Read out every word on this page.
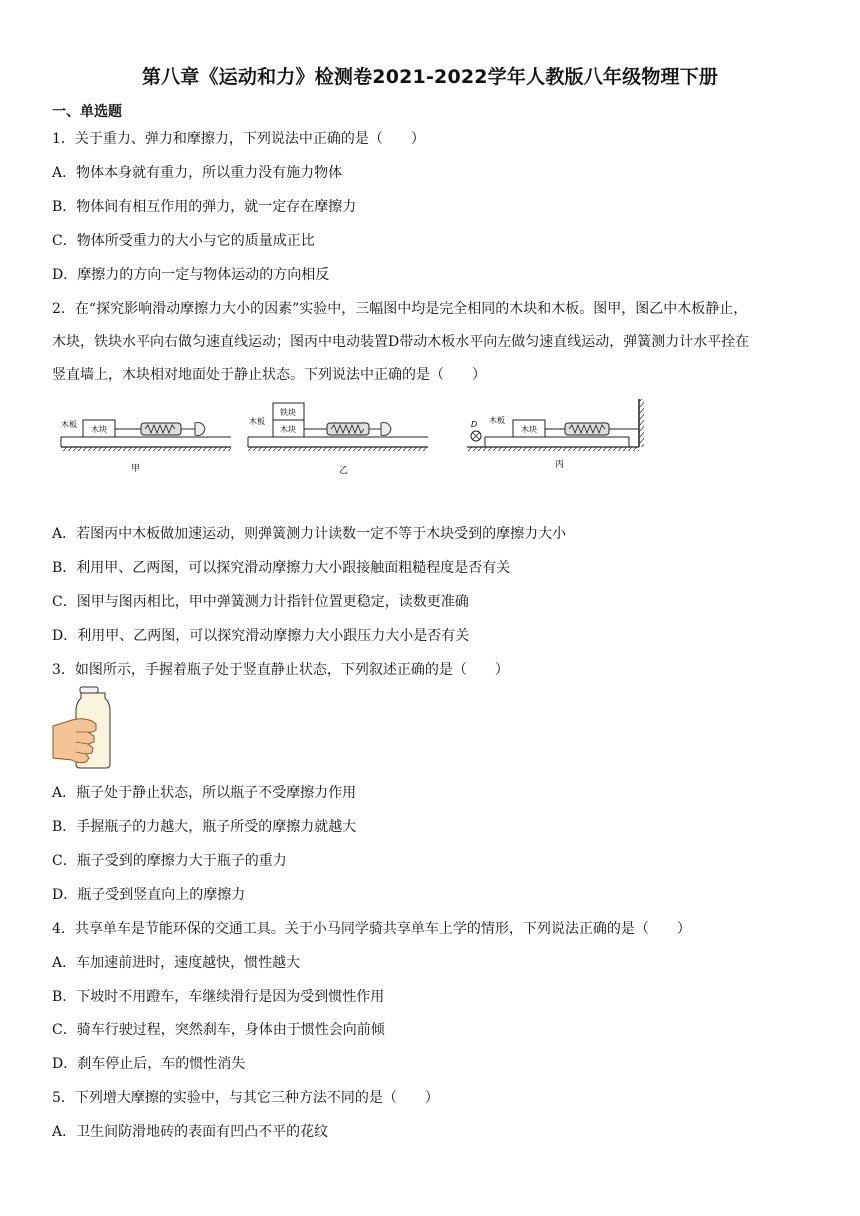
第八章《运动和力》检测卷2021-2022学年人教版八年级物理下册
一、单选题
1．关于重力、弹力和摩擦力，下列说法中正确的是（　　）
A．物体本身就有重力，所以重力没有施力物体
B．物体间有相互作用的弹力，就一定存在摩擦力
C．物体所受重力的大小与它的质量成正比
D．摩擦力的方向一定与物体运动的方向相反
2．在“探究影响滑动摩擦力大小的因素”实验中，三幅图中均是完全相同的木块和木板。图甲，图乙中木板静止，
木块，铁块水平向右做匀速直线运动；图丙中电动装置D带动木板水平向左做匀速直线运动，弹簧测力计水平拴在
竖直墙上，木块相对地面处于静止状态。下列说法中正确的是（　　）
木板
木块
甲
木板
木块
铁块
乙
D 木板
木块
丙
A．若图丙中木板做加速运动，则弹簧测力计读数一定不等于木块受到的摩擦力大小
B．利用甲、乙两图，可以探究滑动摩擦力大小跟接触面粗糙程度是否有关
C．图甲与图丙相比，甲中弹簧测力计指针位置更稳定，读数更准确
D．利用甲、乙两图，可以探究滑动摩擦力大小跟压力大小是否有关
3．如图所示，手握着瓶子处于竖直静止状态，下列叙述正确的是（　　）
A．瓶子处于静止状态，所以瓶子不受摩擦力作用
B．手握瓶子的力越大，瓶子所受的摩擦力就越大
C．瓶子受到的摩擦力大于瓶子的重力
D．瓶子受到竖直向上的摩擦力
4．共享单车是节能环保的交通工具。关于小马同学骑共享单车上学的情形，下列说法正确的是（　　）
A．车加速前进时，速度越快，惯性越大
B．下坡时不用蹬车，车继续滑行是因为受到惯性作用
C．骑车行驶过程，突然刹车，身体由于惯性会向前倾
D．刹车停止后，车的惯性消失
5．下列增大摩擦的实验中，与其它三种方法不同的是（　　）
A．卫生间防滑地砖的表面有凹凸不平的花纹
